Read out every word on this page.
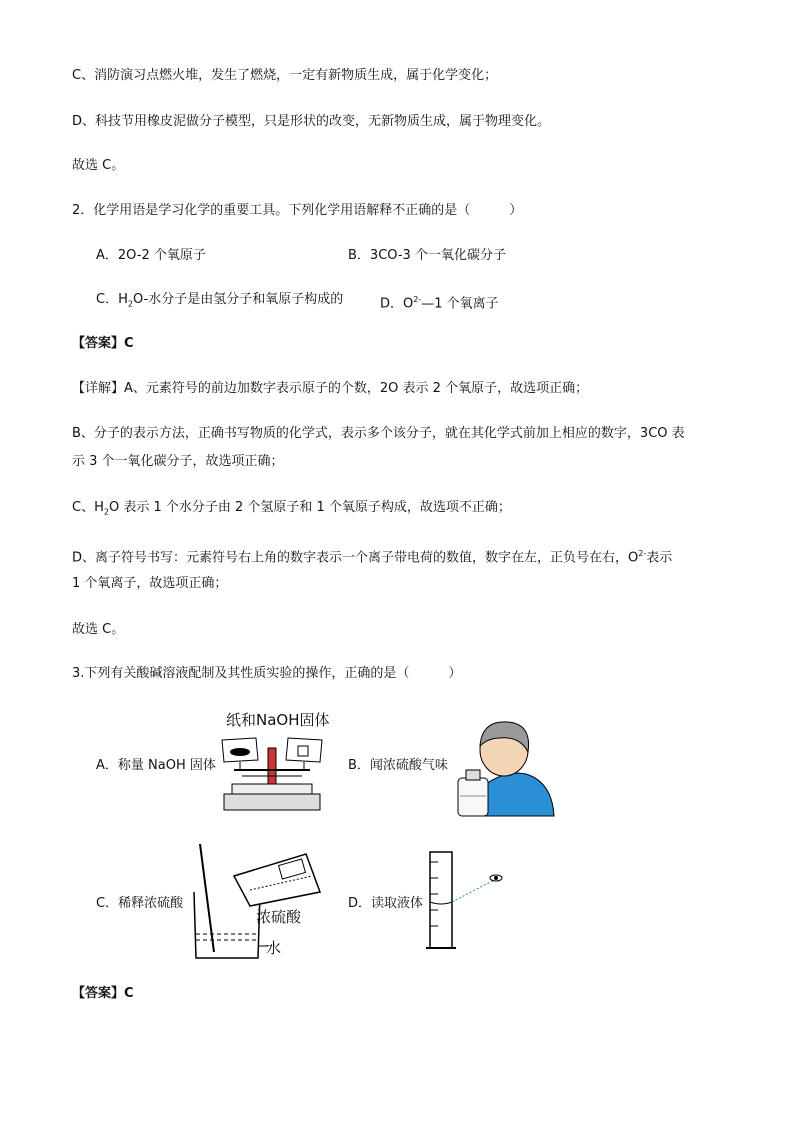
C、消防演习点燃火堆，发生了燃烧，一定有新物质生成，属于化学变化；
D、科技节用橡皮泥做分子模型，只是形状的改变，无新物质生成，属于物理变化。
故选 C。
2．化学用语是学习化学的重要工具。下列化学用语解释不正确的是（　　　）
A．2O-2 个氧原子	B．3CO-3 个一氧化碳分子
C．$H_2O-$水分子是由氢分子和氧原子构成的	D．$O^{2-}—1$ 个氧离子
【答案】C
【详解】A、元素符号的前边加数字表示原子的个数，2O 表示 2 个氧原子，故选项正确；
B、分子的表示方法，正确书写物质的化学式，表示多个该分子，就在其化学式前加上相应的数字，3CO 表
示 3 个一氧化碳分子，故选项正确；
C、$H_2O$ 表示 1 个水分子由 2 个氢原子和 1 个氧原子构成，故选项不正确；
D、离子符号书写：元素符号右上角的数字表示一个离子带电荷的数值，数字在左，正负号在右，$O^{2-}$表示
1 个氧离子，故选项正确；
故选 C。
3.下列有关酸碱溶液配制及其性质实验的操作，正确的是（　　　）
A．称量 NaOH 固体	B．闻浓硫酸气味
C．稀释浓硫酸	D．读取液体
纸和NaOH固体
浓硫酸
水
【答案】C
